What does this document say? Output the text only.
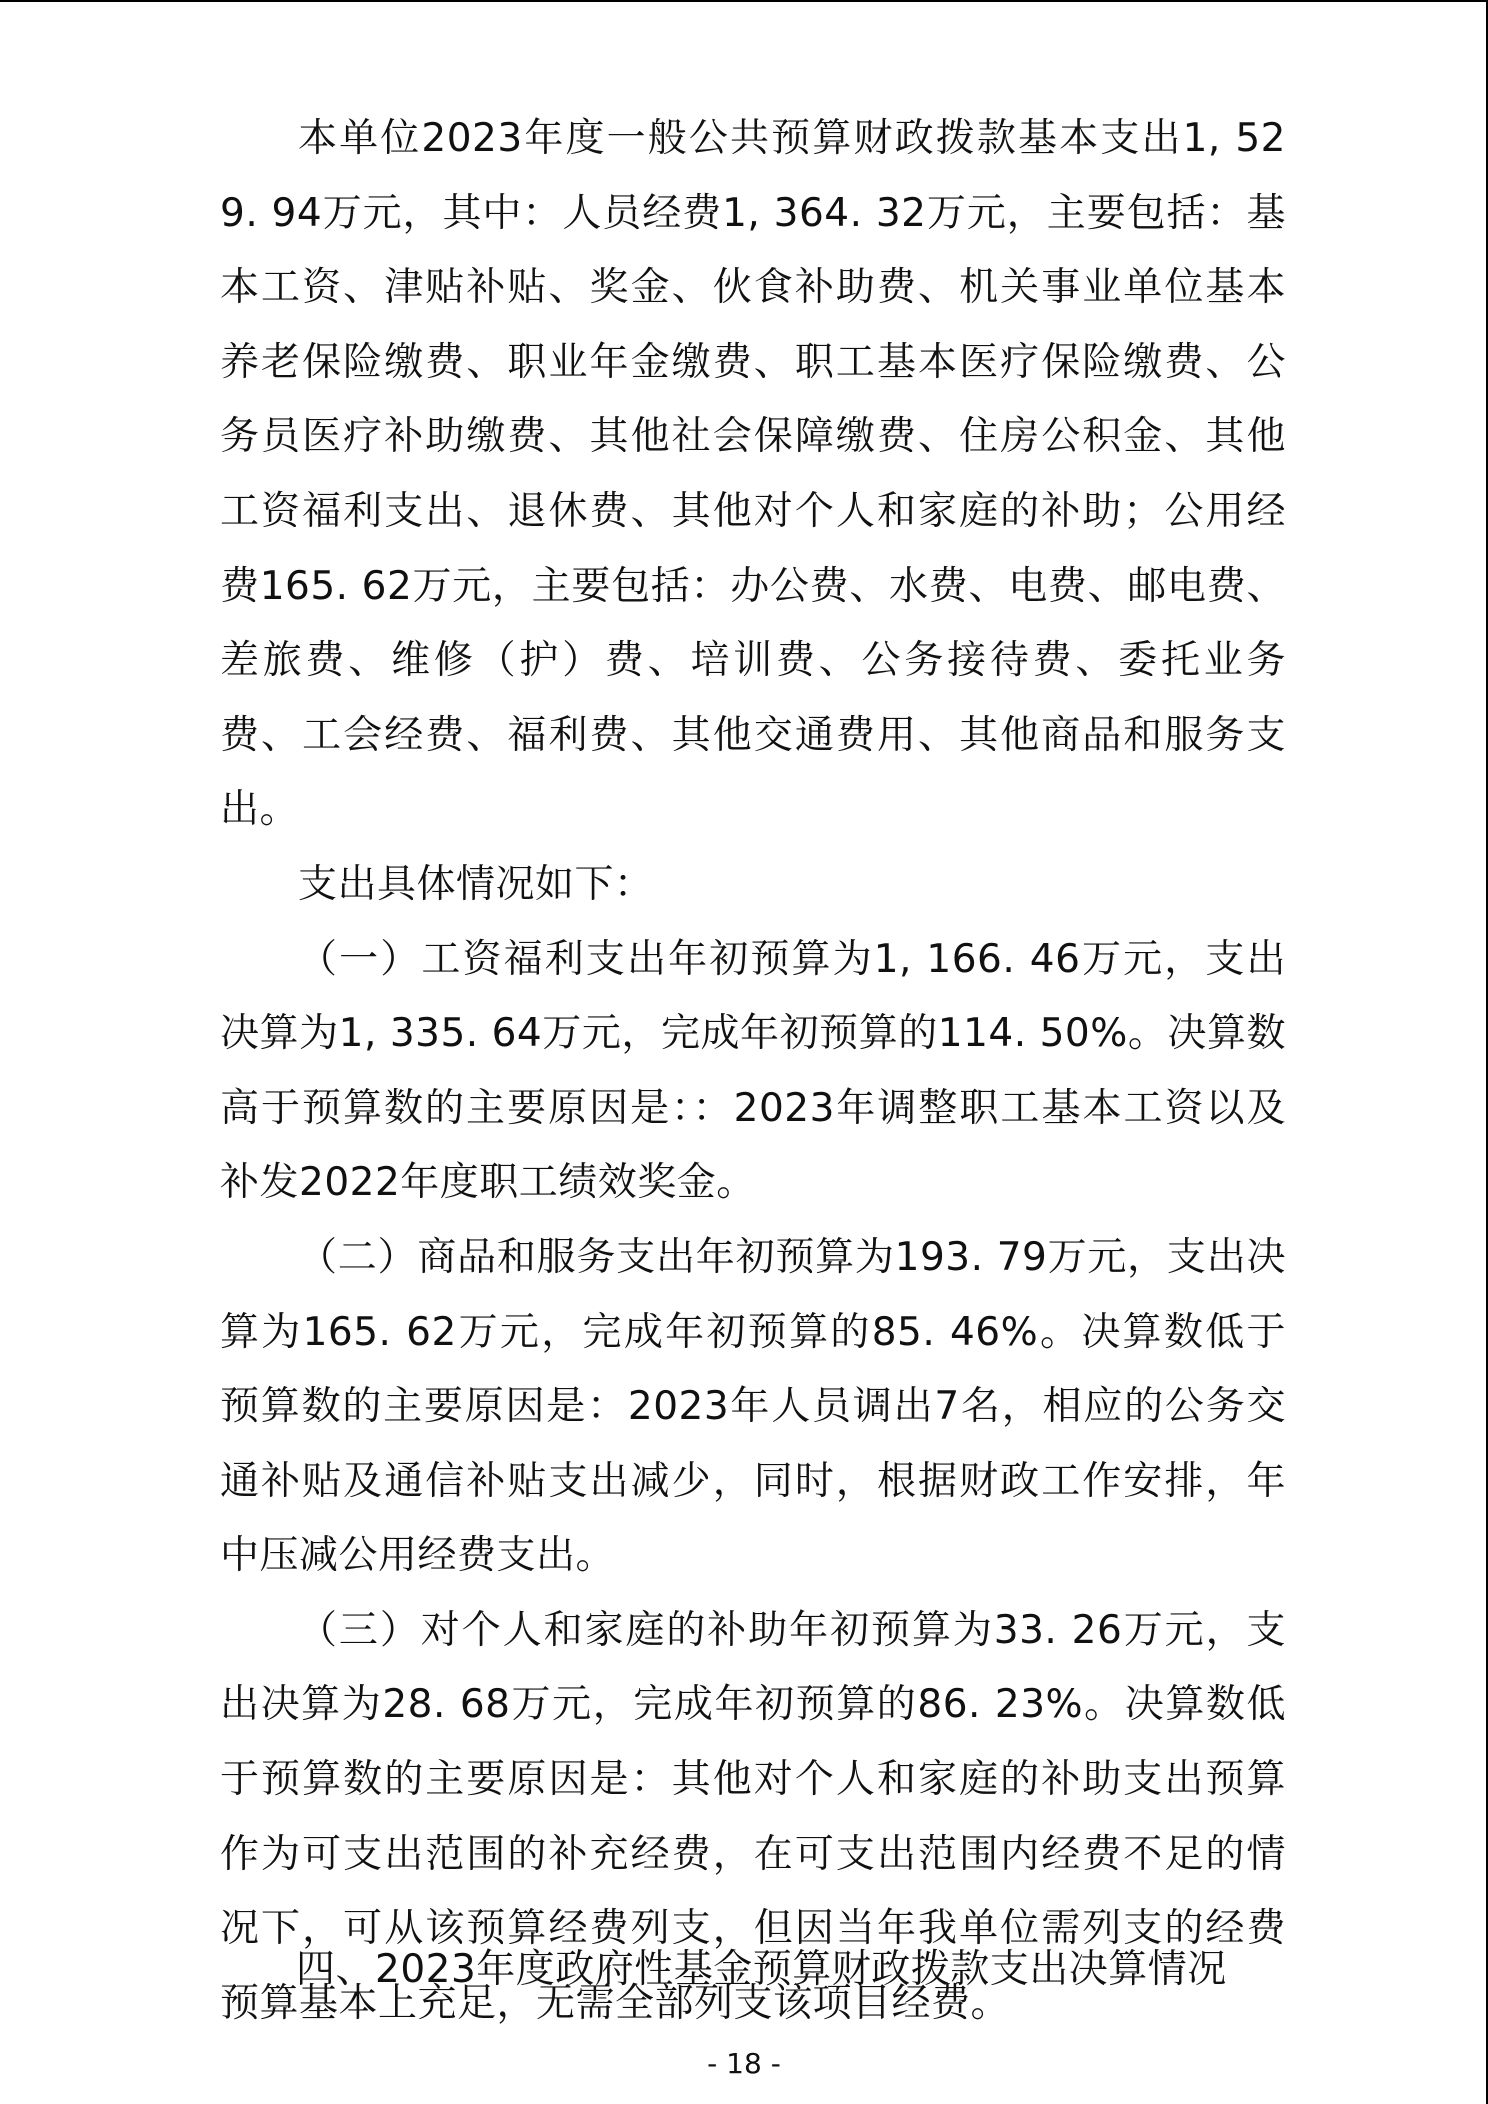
本单位2023年度一般公共预算财政拨款基本支出1, 529. 94万元，其中：人员经费1, 364. 32万元，主要包括：基本工资、津贴补贴、奖金、伙食补助费、机关事业单位基本养老保险缴费、职业年金缴费、职工基本医疗保险缴费、公务员医疗补助缴费、其他社会保障缴费、住房公积金、其他工资福利支出、退休费、其他对个人和家庭的补助；公用经费165. 62万元，主要包括：办公费、水费、电费、邮电费、差旅费、维修（护）费、培训费、公务接待费、委托业务费、工会经费、福利费、其他交通费用、其他商品和服务支出。

支出具体情况如下：

（一）工资福利支出年初预算为1, 166. 46万元，支出决算为1, 335. 64万元，完成年初预算的114. 50%。决算数高于预算数的主要原因是：：2023年调整职工基本工资以及补发2022年度职工绩效奖金。

（二）商品和服务支出年初预算为193. 79万元，支出决算为165. 62万元，完成年初预算的85. 46%。决算数低于预算数的主要原因是：2023年人员调出7名，相应的公务交通补贴及通信补贴支出减少，同时，根据财政工作安排，年中压减公用经费支出。

（三）对个人和家庭的补助年初预算为33. 26万元，支出决算为28. 68万元，完成年初预算的86. 23%。决算数低于预算数的主要原因是：其他对个人和家庭的补助支出预算作为可支出范围的补充经费，在可支出范围内经费不足的情况下，可从该预算经费列支，但因当年我单位需列支的经费预算基本上充足，无需全部列支该项目经费。

四、2023年度政府性基金预算财政拨款支出决算情况
- 18 -
